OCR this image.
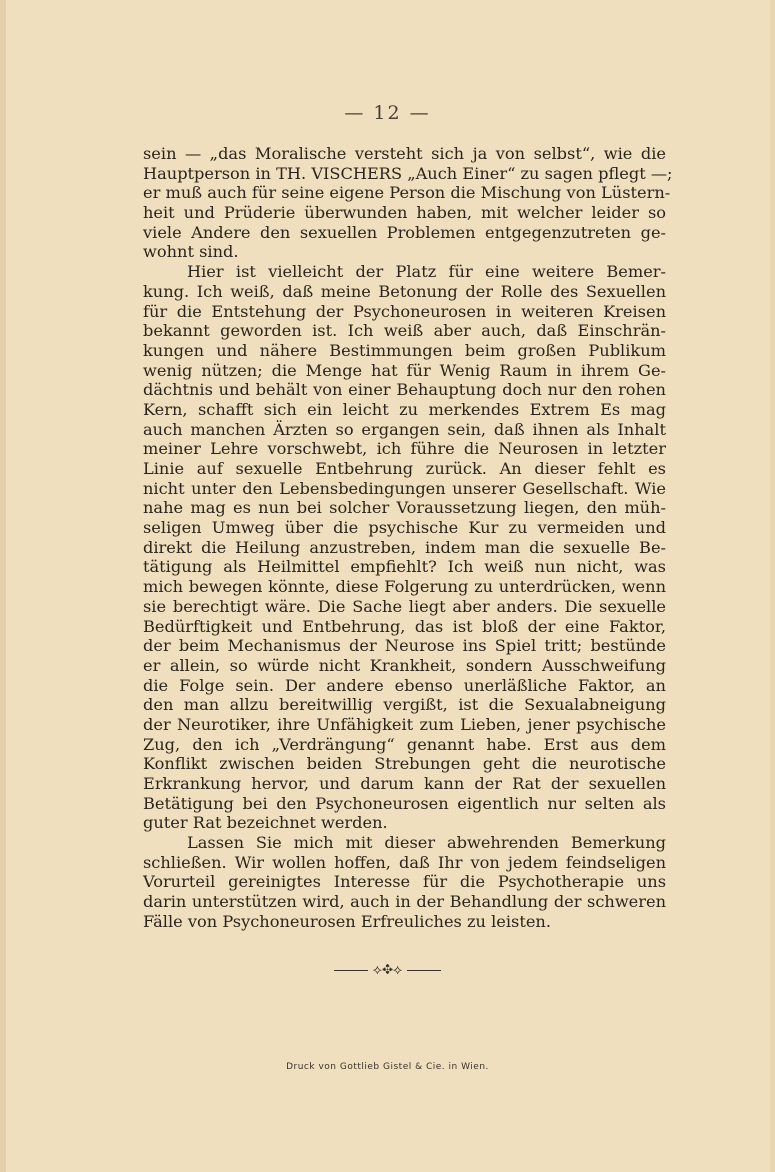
— 12 —
sein — „das Moralische versteht sich ja von selbst“, wie die
Hauptperson in TH. VISCHERS „Auch Einer“ zu sagen pflegt —;
er muß auch für seine eigene Person die Mischung von Lüstern-
heit und Prüderie überwunden haben, mit welcher leider so
viele Andere den sexuellen Problemen entgegenzutreten ge-
wohnt sind.
Hier ist vielleicht der Platz für eine weitere Bemer-
kung. Ich weiß, daß meine Betonung der Rolle des Sexuellen
für die Entstehung der Psychoneurosen in weiteren Kreisen
bekannt geworden ist. Ich weiß aber auch, daß Einschrän-
kungen und nähere Bestimmungen beim großen Publikum
wenig nützen; die Menge hat für Wenig Raum in ihrem Ge-
dächtnis und behält von einer Behauptung doch nur den rohen
Kern, schafft sich ein leicht zu merkendes Extrem Es mag
auch manchen Ärzten so ergangen sein, daß ihnen als Inhalt
meiner Lehre vorschwebt, ich führe die Neurosen in letzter
Linie auf sexuelle Entbehrung zurück. An dieser fehlt es
nicht unter den Lebensbedingungen unserer Gesellschaft. Wie
nahe mag es nun bei solcher Voraussetzung liegen, den müh-
seligen Umweg über die psychische Kur zu vermeiden und
direkt die Heilung anzustreben, indem man die sexuelle Be-
tätigung als Heilmittel empfiehlt? Ich weiß nun nicht, was
mich bewegen könnte, diese Folgerung zu unterdrücken, wenn
sie berechtigt wäre. Die Sache liegt aber anders. Die sexuelle
Bedürftigkeit und Entbehrung, das ist bloß der eine Faktor,
der beim Mechanismus der Neurose ins Spiel tritt; bestünde
er allein, so würde nicht Krankheit, sondern Ausschweifung
die Folge sein. Der andere ebenso unerläßliche Faktor, an
den man allzu bereitwillig vergißt, ist die Sexualabneigung
der Neurotiker, ihre Unfähigkeit zum Lieben, jener psychische
Zug, den ich „Verdrängung“ genannt habe. Erst aus dem
Konflikt zwischen beiden Strebungen geht die neurotische
Erkrankung hervor, und darum kann der Rat der sexuellen
Betätigung bei den Psychoneurosen eigentlich nur selten als
guter Rat bezeichnet werden.
Lassen Sie mich mit dieser abwehrenden Bemerkung
schließen. Wir wollen hoffen, daß Ihr von jedem feindseligen
Vorurteil gereinigtes Interesse für die Psychotherapie uns
darin unterstützen wird, auch in der Behandlung der schweren
Fälle von Psychoneurosen Erfreuliches zu leisten.
⟡✥⟡
Druck von Gottlieb Gistel & Cie. in Wien.
